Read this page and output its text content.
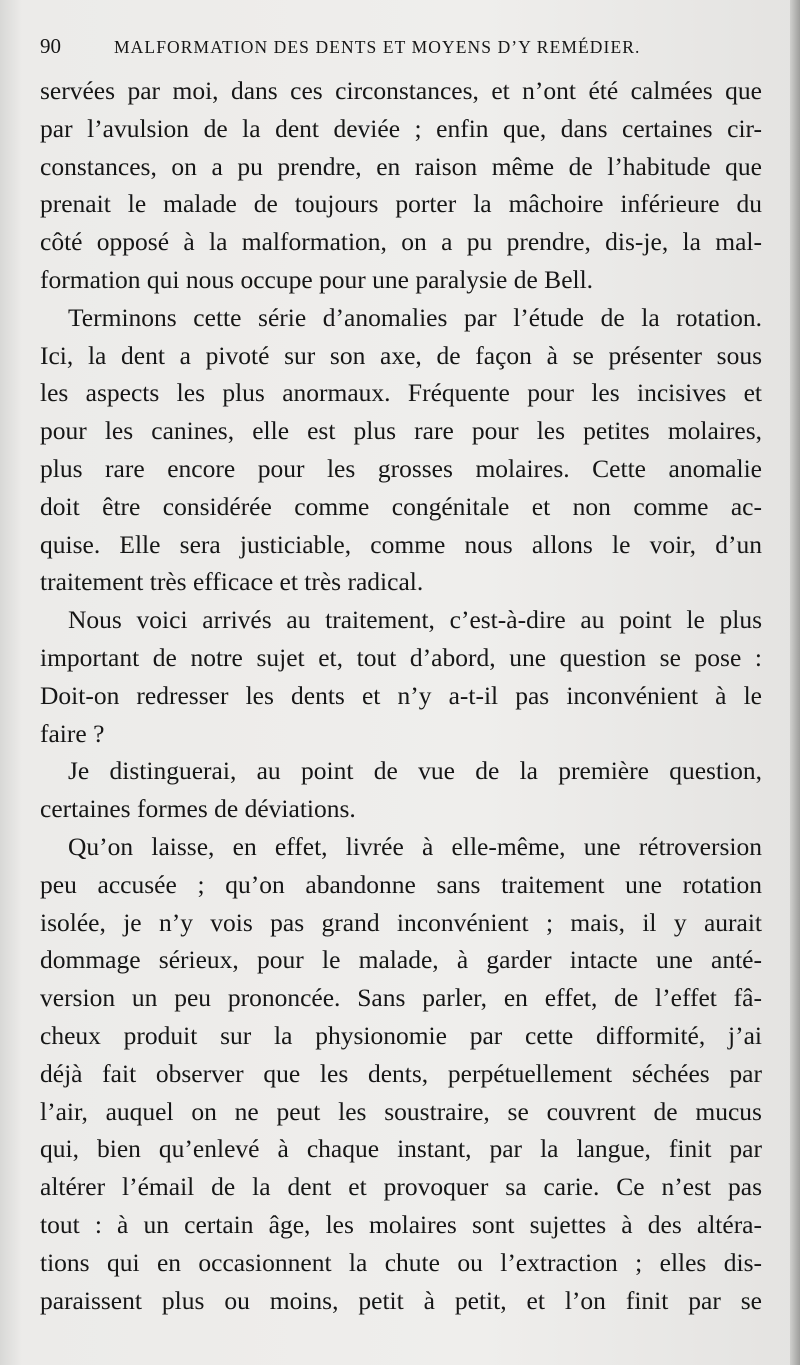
90	MALFORMATION DES DENTS ET MOYENS D’Y REMÉDIER.
servées par moi, dans ces circonstances, et n’ont été calmées que
par l’avulsion de la dent deviée ; enfin que, dans certaines cir-
constances, on a pu prendre, en raison même de l’habitude que
prenait le malade de toujours porter la mâchoire inférieure du
côté opposé à la malformation, on a pu prendre, dis-je, la mal-
formation qui nous occupe pour une paralysie de Bell.
Terminons cette série d’anomalies par l’étude de la rotation.
Ici, la dent a pivoté sur son axe, de façon à se présenter sous
les aspects les plus anormaux. Fréquente pour les incisives et
pour les canines, elle est plus rare pour les petites molaires,
plus rare encore pour les grosses molaires. Cette anomalie
doit être considérée comme congénitale et non comme ac-
quise. Elle sera justiciable, comme nous allons le voir, d’un
traitement très efficace et très radical.
Nous voici arrivés au traitement, c’est-à-dire au point le plus
important de notre sujet et, tout d’abord, une question se pose :
Doit-on redresser les dents et n’y a-t-il pas inconvénient à le
faire ?
Je distinguerai, au point de vue de la première question,
certaines formes de déviations.
Qu’on laisse, en effet, livrée à elle-même, une rétroversion
peu accusée ; qu’on abandonne sans traitement une rotation
isolée, je n’y vois pas grand inconvénient ; mais, il y aurait
dommage sérieux, pour le malade, à garder intacte une anté-
version un peu prononcée. Sans parler, en effet, de l’effet fâ-
cheux produit sur la physionomie par cette difformité, j’ai
déjà fait observer que les dents, perpétuellement séchées par
l’air, auquel on ne peut les soustraire, se couvrent de mucus
qui, bien qu’enlevé à chaque instant, par la langue, finit par
altérer l’émail de la dent et provoquer sa carie. Ce n’est pas
tout : à un certain âge, les molaires sont sujettes à des altéra-
tions qui en occasionnent la chute ou l’extraction ; elles dis-
paraissent plus ou moins, petit à petit, et l’on finit par se
